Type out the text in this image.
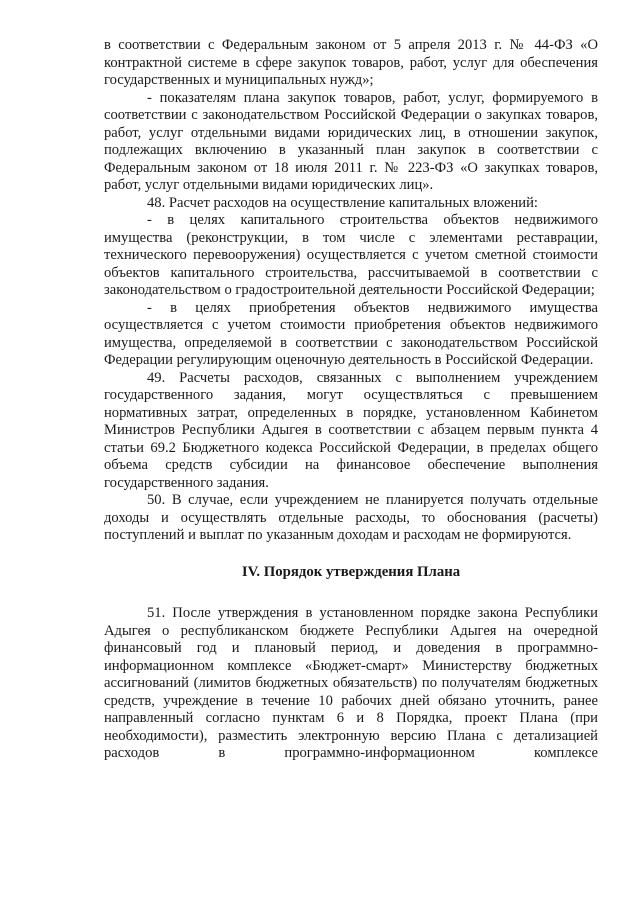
в соответствии с Федеральным законом от 5 апреля 2013 г. № 44-ФЗ «О контрактной системе в сфере закупок товаров, работ, услуг для обеспечения государственных и муниципальных нужд»;

- показателям плана закупок товаров, работ, услуг, формируемого в соответствии с законодательством Российской Федерации о закупках товаров, работ, услуг отдельными видами юридических лиц, в отношении закупок, подлежащих включению в указанный план закупок в соответствии с Федеральным законом от 18 июля 2011 г. № 223-ФЗ «О закупках товаров, работ, услуг отдельными видами юридических лиц».

48. Расчет расходов на осуществление капитальных вложений:

- в целях капитального строительства объектов недвижимого имущества (реконструкции, в том числе с элементами реставрации, технического перевооружения) осуществляется с учетом сметной стоимости объектов капитального строительства, рассчитываемой в соответствии с законодательством о градостроительной деятельности Российской Федерации;

- в целях приобретения объектов недвижимого имущества осуществляется с учетом стоимости приобретения объектов недвижимого имущества, определяемой в соответствии с законодательством Российской Федерации регулирующим оценочную деятельность в Российской Федерации.

49. Расчеты расходов, связанных с выполнением учреждением государственного задания, могут осуществляться с превышением нормативных затрат, определенных в порядке, установленном Кабинетом Министров Республики Адыгея в соответствии с абзацем первым пункта 4 статьи 69.2 Бюджетного кодекса Российской Федерации, в пределах общего объема средств субсидии на финансовое обеспечение выполнения государственного задания.

50. В случае, если учреждением не планируется получать отдельные доходы и осуществлять отдельные расходы, то обоснования (расчеты) поступлений и выплат по указанным доходам и расходам не формируются.

IV. Порядок утверждения Плана

51. После утверждения в установленном порядке закона Республики Адыгея о республиканском бюджете Республики Адыгея на очередной финансовый год и плановый период, и доведения в программно-информационном комплексе «Бюджет-смарт» Министерству бюджетных ассигнований (лимитов бюджетных обязательств) по получателям бюджетных средств, учреждение в течение 10 рабочих дней обязано уточнить, ранее направленный согласно пунктам 6 и 8 Порядка, проект Плана (при необходимости), разместить электронную версию Плана с детализацией расходов в программно-информационном комплексе
